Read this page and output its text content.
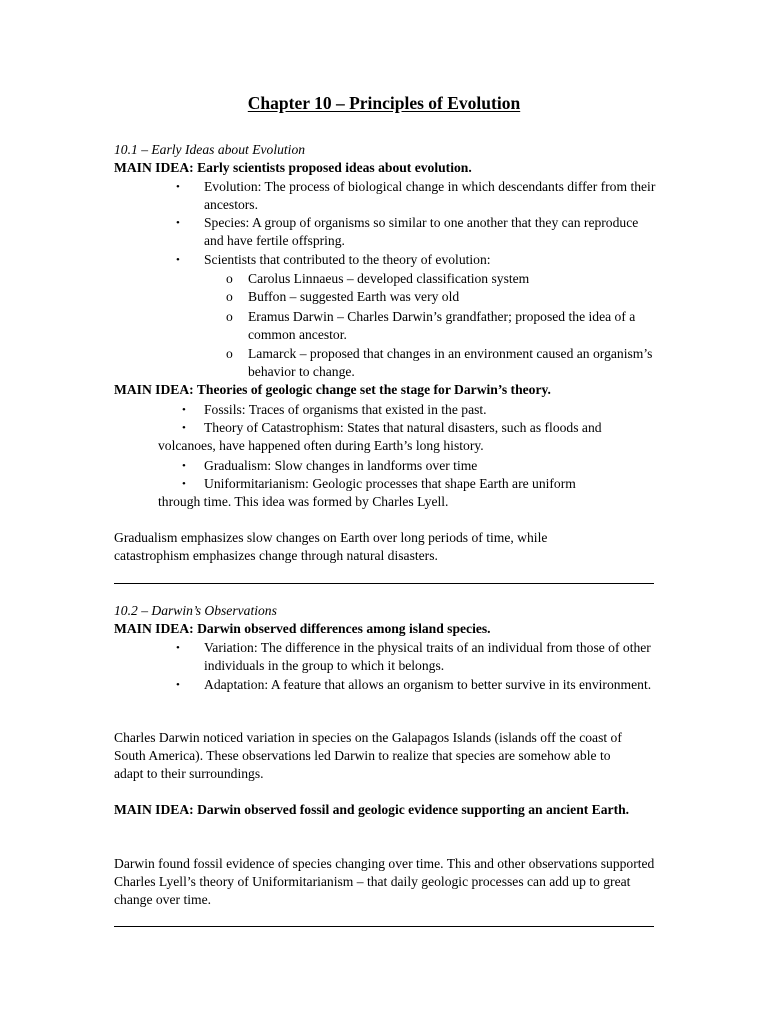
Chapter 10 – Principles of Evolution
10.1 – Early Ideas about Evolution
MAIN IDEA: Early scientists proposed ideas about evolution.
•	Evolution: The process of biological change in which descendants differ from their ancestors.
•	Species: A group of organisms so similar to one another that they can reproduce and have fertile offspring.
•	Scientists that contributed to the theory of evolution:
o	Carolus Linnaeus – developed classification system
o	Buffon – suggested Earth was very old
o	Eramus Darwin – Charles Darwin’s grandfather; proposed the idea of a common ancestor.
o	Lamarck – proposed that changes in an environment caused an organism’s behavior to change.
MAIN IDEA: Theories of geologic change set the stage for Darwin’s theory.
•	Fossils: Traces of organisms that existed in the past.
•	Theory of Catastrophism: States that natural disasters, such as floods and
volcanoes, have happened often during Earth’s long history.
•	Gradualism: Slow changes in landforms over time
•	Uniformitarianism: Geologic processes that shape Earth are uniform
through time. This idea was formed by Charles Lyell.
Gradualism emphasizes slow changes on Earth over long periods of time, while catastrophism emphasizes change through natural disasters.
10.2 – Darwin’s Observations
MAIN IDEA: Darwin observed differences among island species.
•	Variation: The difference in the physical traits of an individual from those of other individuals in the group to which it belongs.
•	Adaptation: A feature that allows an organism to better survive in its environment.
Charles Darwin noticed variation in species on the Galapagos Islands (islands off the coast of South America). These observations led Darwin to realize that species are somehow able to adapt to their surroundings.
MAIN IDEA: Darwin observed fossil and geologic evidence supporting an ancient Earth.
Darwin found fossil evidence of species changing over time. This and other observations supported Charles Lyell’s theory of Uniformitarianism – that daily geologic processes can add up to great change over time.
